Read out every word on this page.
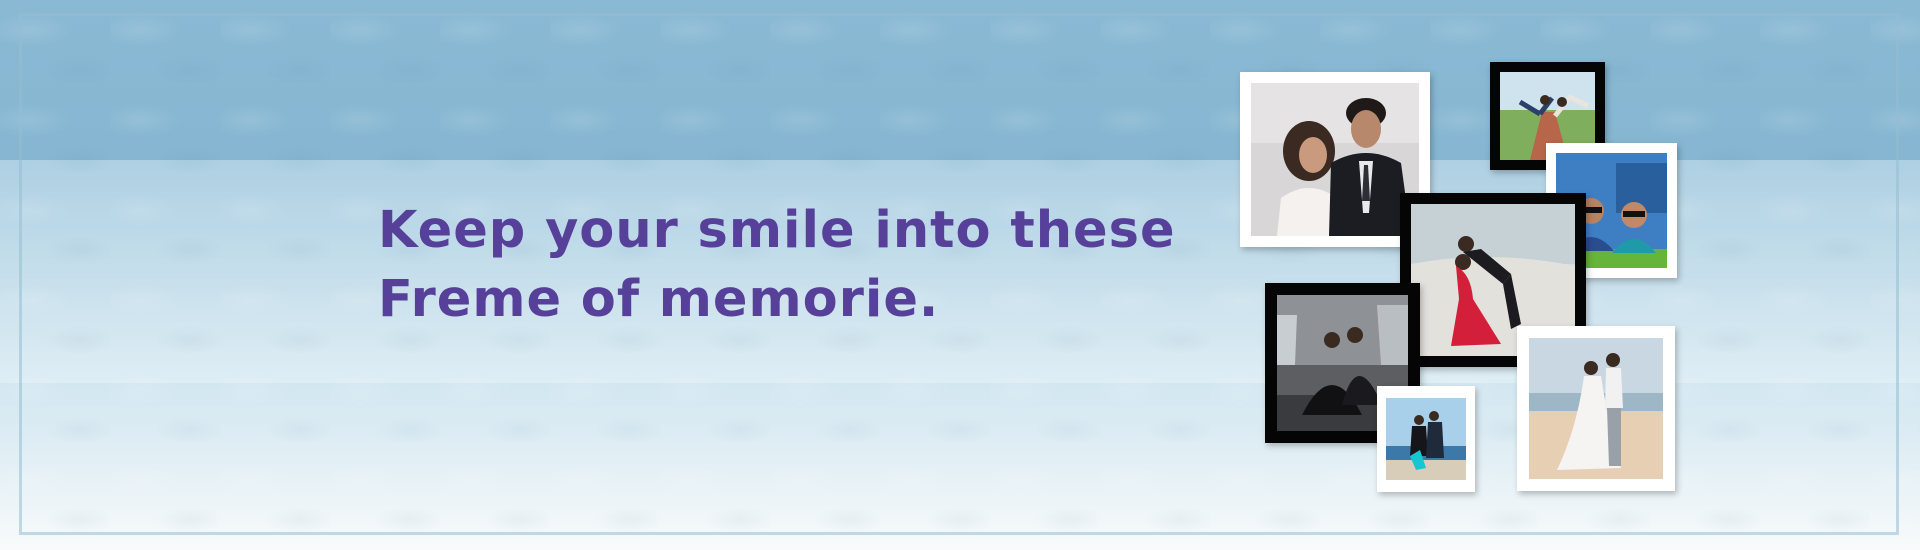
Keep your smile into these
Freme of memorie.
